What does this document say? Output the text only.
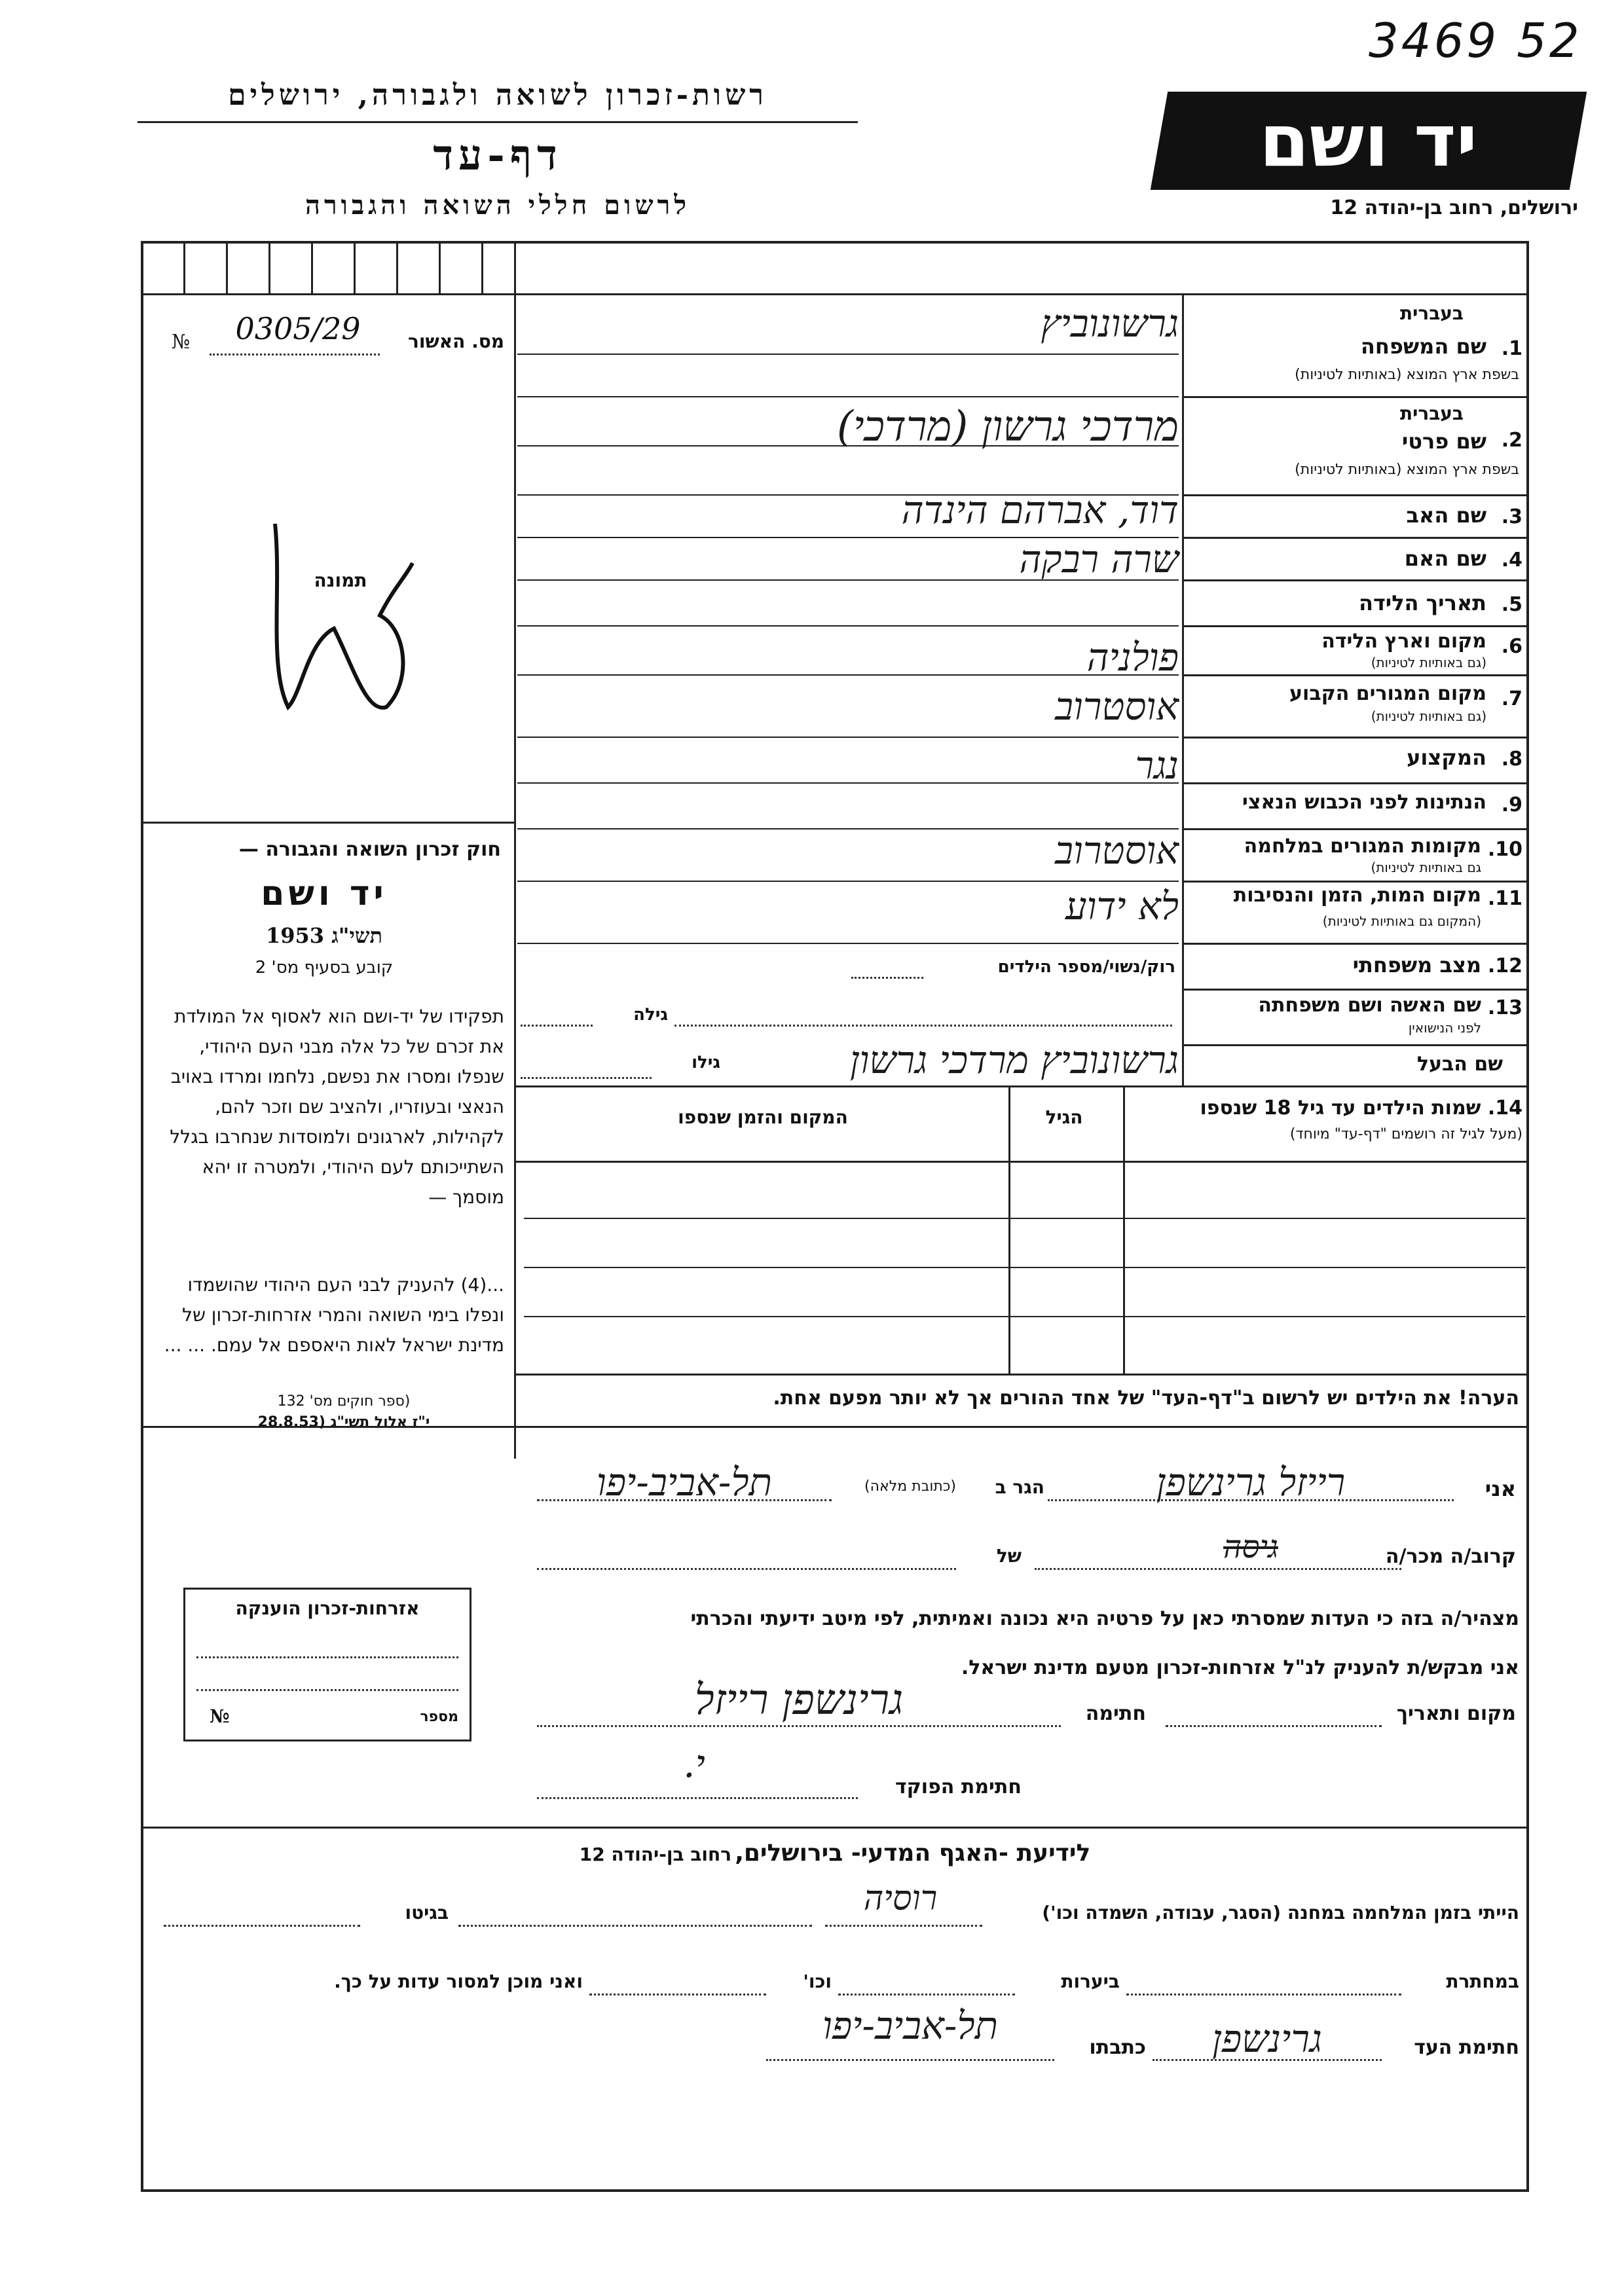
3469 52
רשות-זכרון לשואה ולגבורה, ירושלים
דף-עד
לרשום חללי השואה והגבורה
יד ושם
ירושלים, רחוב בן-יהודה 12
מס. האשור
0305/29
№
תמונה
חוק זכרון השואה והגבורה —
יד ושם
תשי"ג 1953
קובע בסעיף מס' 2
תפקידו של יד-ושם הוא לאסוף אל המולדת את זכרם של כל אלה מבני העם היהודי, שנפלו ומסרו את נפשם, נלחמו ומרדו באויב הנאצי ובעוזריו, ולהציב שם וזכר להם, לקהילות, לארגונים ולמוסדות שנחרבו בגלל השתייכותם לעם היהודי, ולמטרה זו יהא מוסמך —
...(4) להעניק לבני העם היהודי שהושמדו ונפלו בימי השואה והמרי אזרחות-זכרון של מדינת ישראל לאות היאספם אל עמם. ... ...
(ספר חוקים מס' 132
י"ז אלול תשי"ג (28.8.53
בעברית
1.
שם המשפחה
בשפת ארץ המוצא (באותיות לטיניות)
גרשונוביץ
בעברית
2.
שם פרטי
בשפת ארץ המוצא (באותיות לטיניות)
מרדכי גרשון (מרדכי)
3.
שם האב
דוד, אברהם הינדה
4.
שם האם
שרה רבקה
5.
תאריך הלידה
6.
מקום וארץ הלידה
(גם באותיות לטיניות)
פולניה
7.
מקום המגורים הקבוע
(גם באותיות לטיניות)
אוסטרוב
8.
המקצוע
נגר
9.
הנתינות לפני הכבוש הנאצי
10.
מקומות המגורים במלחמה
גם באותיות לטיניות)
אוסטרוב
11.
מקום המות, הזמן והנסיבות
(המקום גם באותיות לטיניות)
לא ידוע
12.
מצב משפחתי
רוק/נשוי/מספר הילדים
13.
שם האשה ושם משפחתה
לפני הנישואין
גילה
שם הבעל
גילו	גרשונוביץ מרדכי גרשון
14. שמות הילדים עד גיל 18 שנספו
(מעל לגיל זה רושמים "דף-עד" מיוחד)
הגיל
המקום והזמן שנספו
הערה! את הילדים יש לרשום ב"דף-העד" של אחד ההורים אך לא יותר מפעם אחת.
אני
רייזל גרינשפן
הגר ב
(כתובת מלאה)
תל-אביב-יפו
קרוב/ה מכר/ה
גיסה
של
מצהיר/ה בזה כי העדות שמסרתי כאן על פרטיה היא נכונה ואמיתית, לפי מיטב ידיעתי והכרתי
אני מבקש/ת להעניק לנ"ל אזרחות-זכרון מטעם מדינת ישראל.
מקום ותאריך
חתימה
גרינשפן רייזל
חתימת הפוקד
י.
אזרחות-זכרון הוענקה
מספר
№
לידיעת -האגף המדעי- בירושלים, רחוב בן-יהודה 12
הייתי בזמן המלחמה במחנה (הסגר, עבודה, השמדה וכו')
רוסיה
בגיטו
במחתרת
ביערות
וכו'
ואני מוכן למסור עדות על כך.
חתימת העד
גרינשפן
כתבתו
תל-אביב-יפו
